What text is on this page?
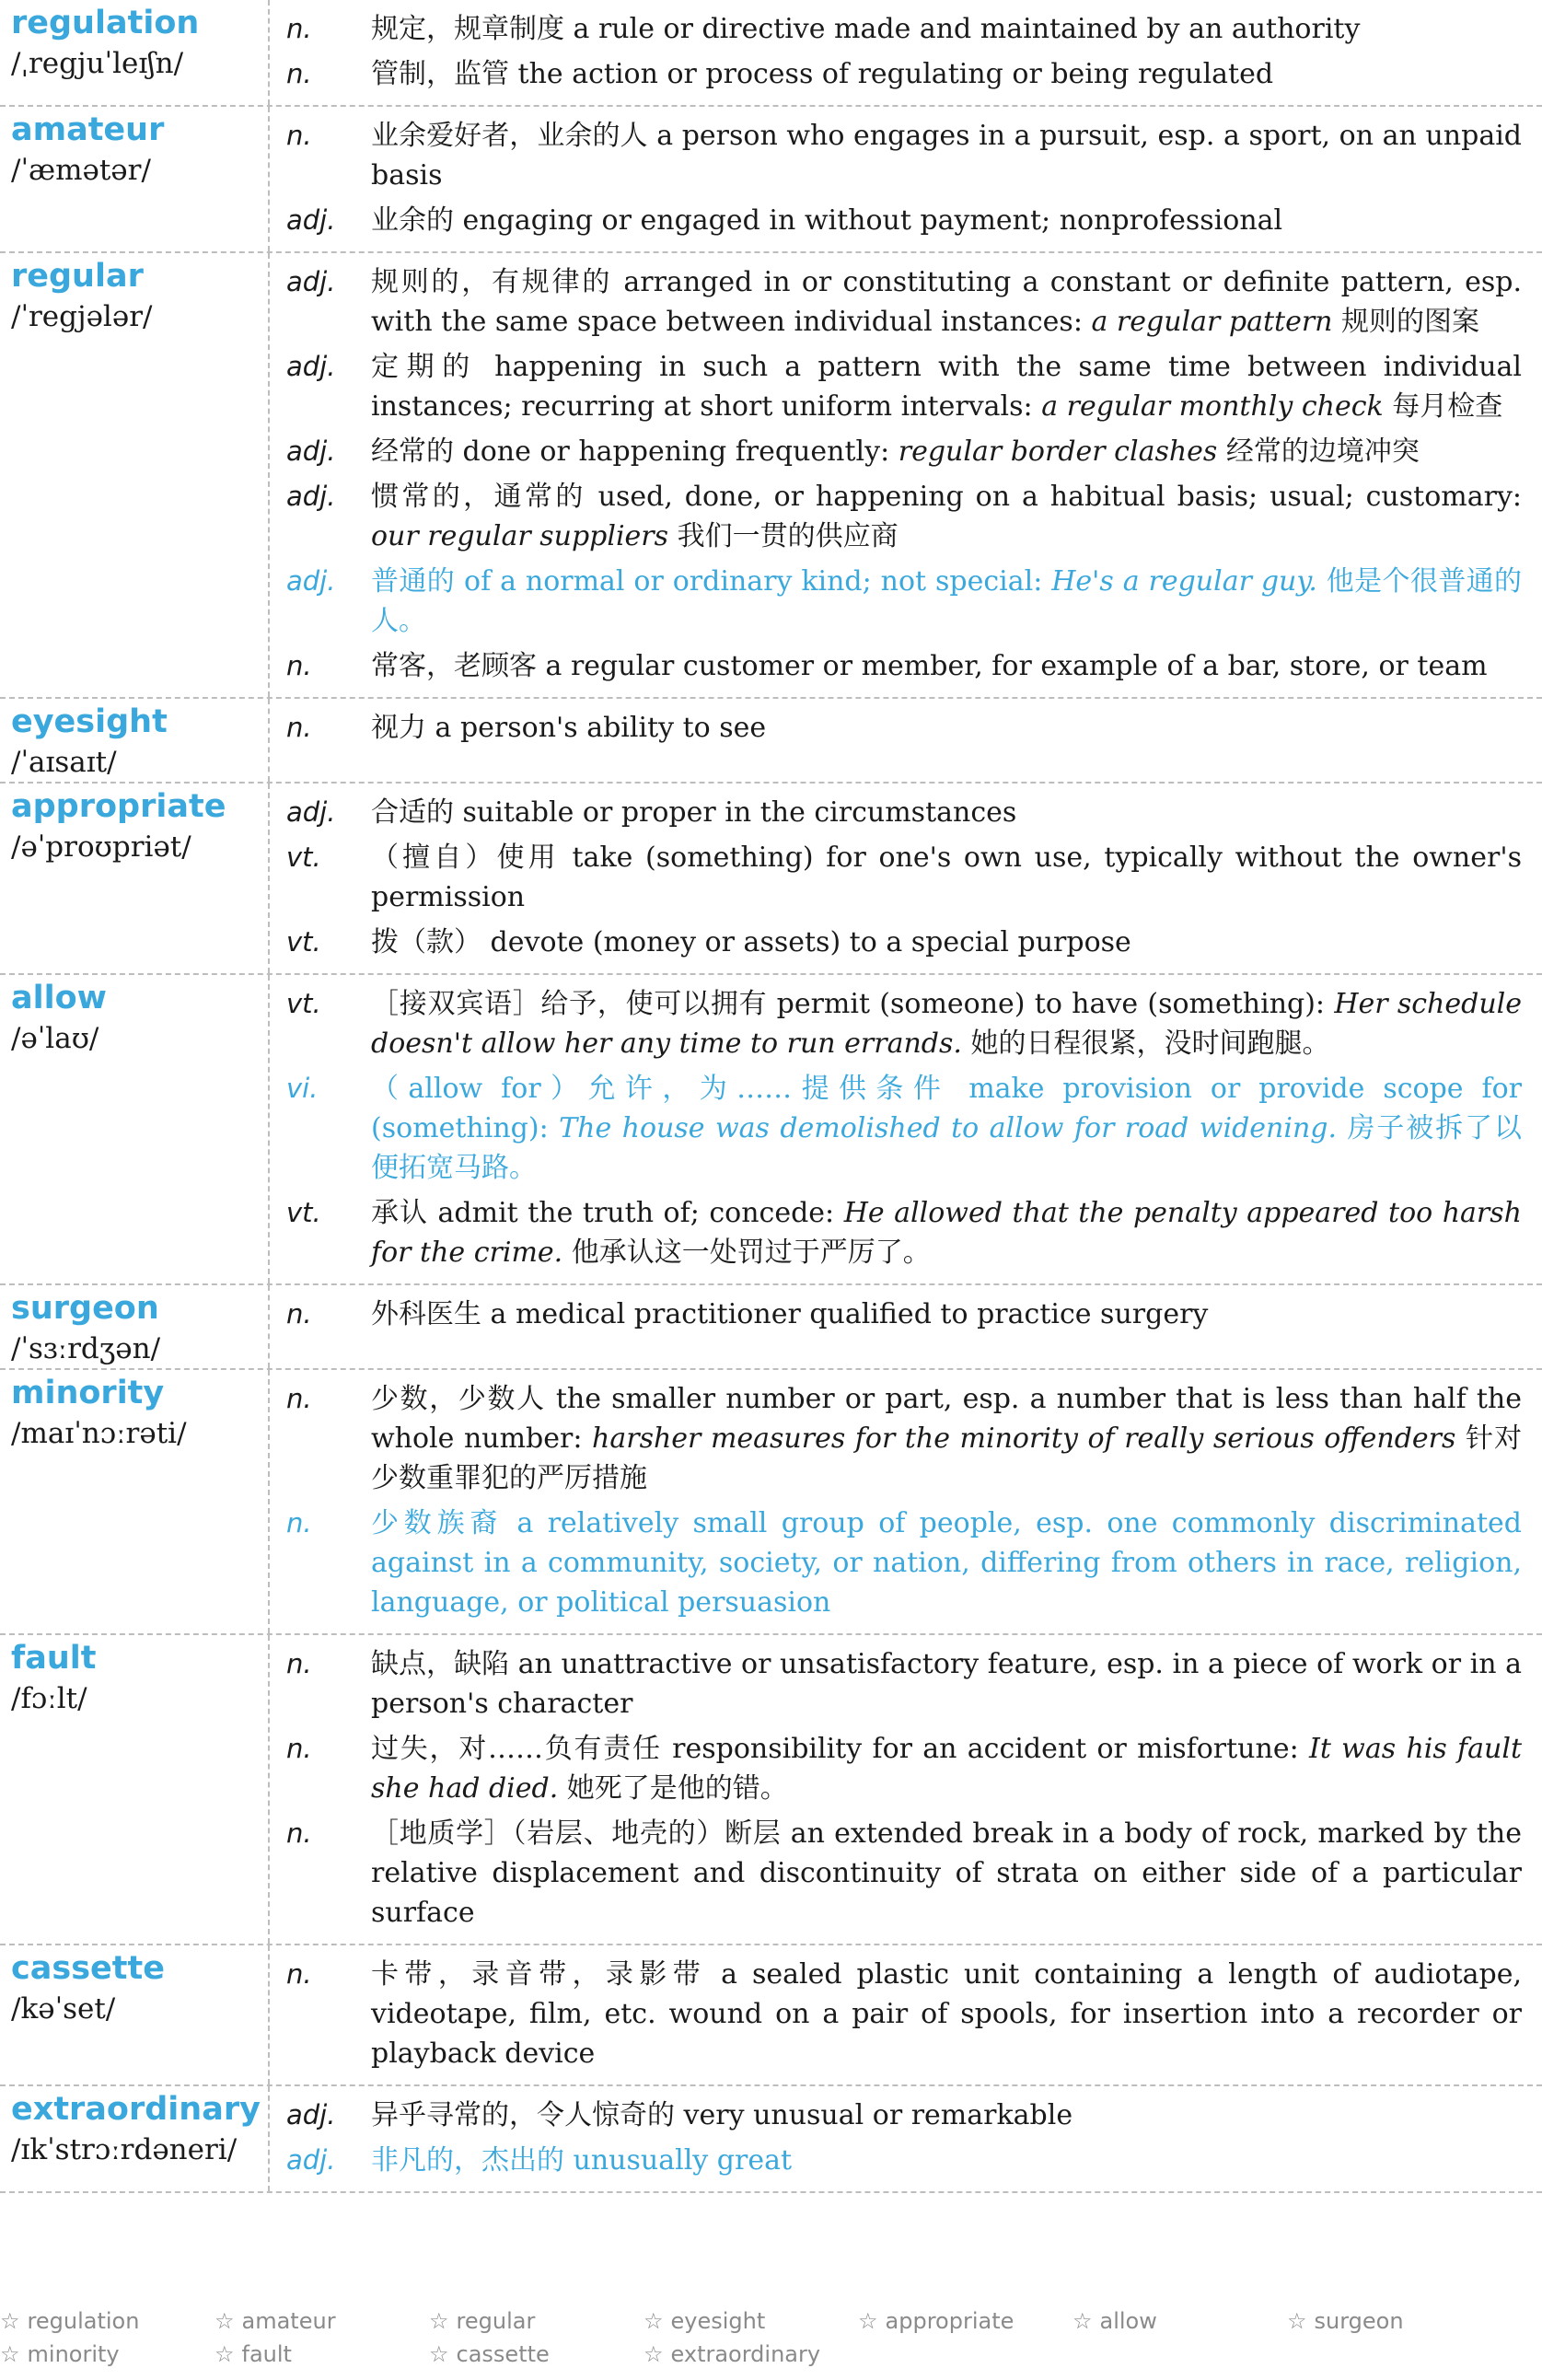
regulation
/ˌregjuˈleɪʃn/
n.	规定，规章制度 a rule or directive made and maintained by an authority
n.	管制，监管 the action or process of regulating or being regulated
amateur
/ˈæmətər/
n.	业余爱好者，业余的人 a person who engages in a pursuit, esp. a sport, on an unpaid basis
adj.	业余的 engaging or engaged in without payment; nonprofessional
regular
/ˈregjələr/
adj.	规则的，有规律的 arranged in or constituting a constant or definite pattern, esp. with the same space between individual instances: a regular pattern 规则的图案
adj.	定期的 happening in such a pattern with the same time between individual instances; recurring at short uniform intervals: a regular monthly check 每月检查
adj.	经常的 done or happening frequently: regular border clashes 经常的边境冲突
adj.	惯常的，通常的 used, done, or happening on a habitual basis; usual; customary: our regular suppliers 我们一贯的供应商
adj.	普通的 of a normal or ordinary kind; not special: He's a regular guy. 他是个很普通的人。
n.	常客，老顾客 a regular customer or member, for example of a bar, store, or team
eyesight
/ˈaɪsaɪt/
n.	视力 a person's ability to see
appropriate
/əˈproʊpriət/
adj.	合适的 suitable or proper in the circumstances
vt.	（擅自）使用 take (something) for one's own use, typically without the owner's permission
vt.	拨（款） devote (money or assets) to a special purpose
allow
/əˈlaʊ/
vt.	［接双宾语］给予，使可以拥有 permit (someone) to have (something): Her schedule doesn't allow her any time to run errands. 她的日程很紧，没时间跑腿。
vi.	（allow for）允许，为……提供条件 make provision or provide scope for (something): The house was demolished to allow for road widening. 房子被拆了以便拓宽马路。
vt.	承认 admit the truth of; concede: He allowed that the penalty appeared too harsh for the crime. 他承认这一处罚过于严厉了。
surgeon
/ˈsɜːrdʒən/
n.	外科医生 a medical practitioner qualified to practice surgery
minority
/maɪˈnɔːrəti/
n.	少数，少数人 the smaller number or part, esp. a number that is less than half the whole number: harsher measures for the minority of really serious offenders 针对少数重罪犯的严厉措施
n.	少数族裔 a relatively small group of people, esp. one commonly discriminated against in a community, society, or nation, differing from others in race, religion, language, or political persuasion
fault
/fɔːlt/
n.	缺点，缺陷 an unattractive or unsatisfactory feature, esp. in a piece of work or in a person's character
n.	过失，对……负有责任 responsibility for an accident or misfortune: It was his fault she had died. 她死了是他的错。
n.	［地质学］（岩层、地壳的）断层 an extended break in a body of rock, marked by the relative displacement and discontinuity of strata on either side of a particular surface
cassette
/kəˈset/
n.	卡带，录音带，录影带 a sealed plastic unit containing a length of audiotape, videotape, film, etc. wound on a pair of spools, for insertion into a recorder or playback device
extraordinary
/ɪkˈstrɔːrdəneri/
adj.	异乎寻常的，令人惊奇的 very unusual or remarkable
adj.	非凡的，杰出的 unusually great
☆ regulation	☆ amateur	☆ regular	☆ eyesight	☆ appropriate	☆ allow	☆ surgeon
☆ minority	☆ fault	☆ cassette	☆ extraordinary
